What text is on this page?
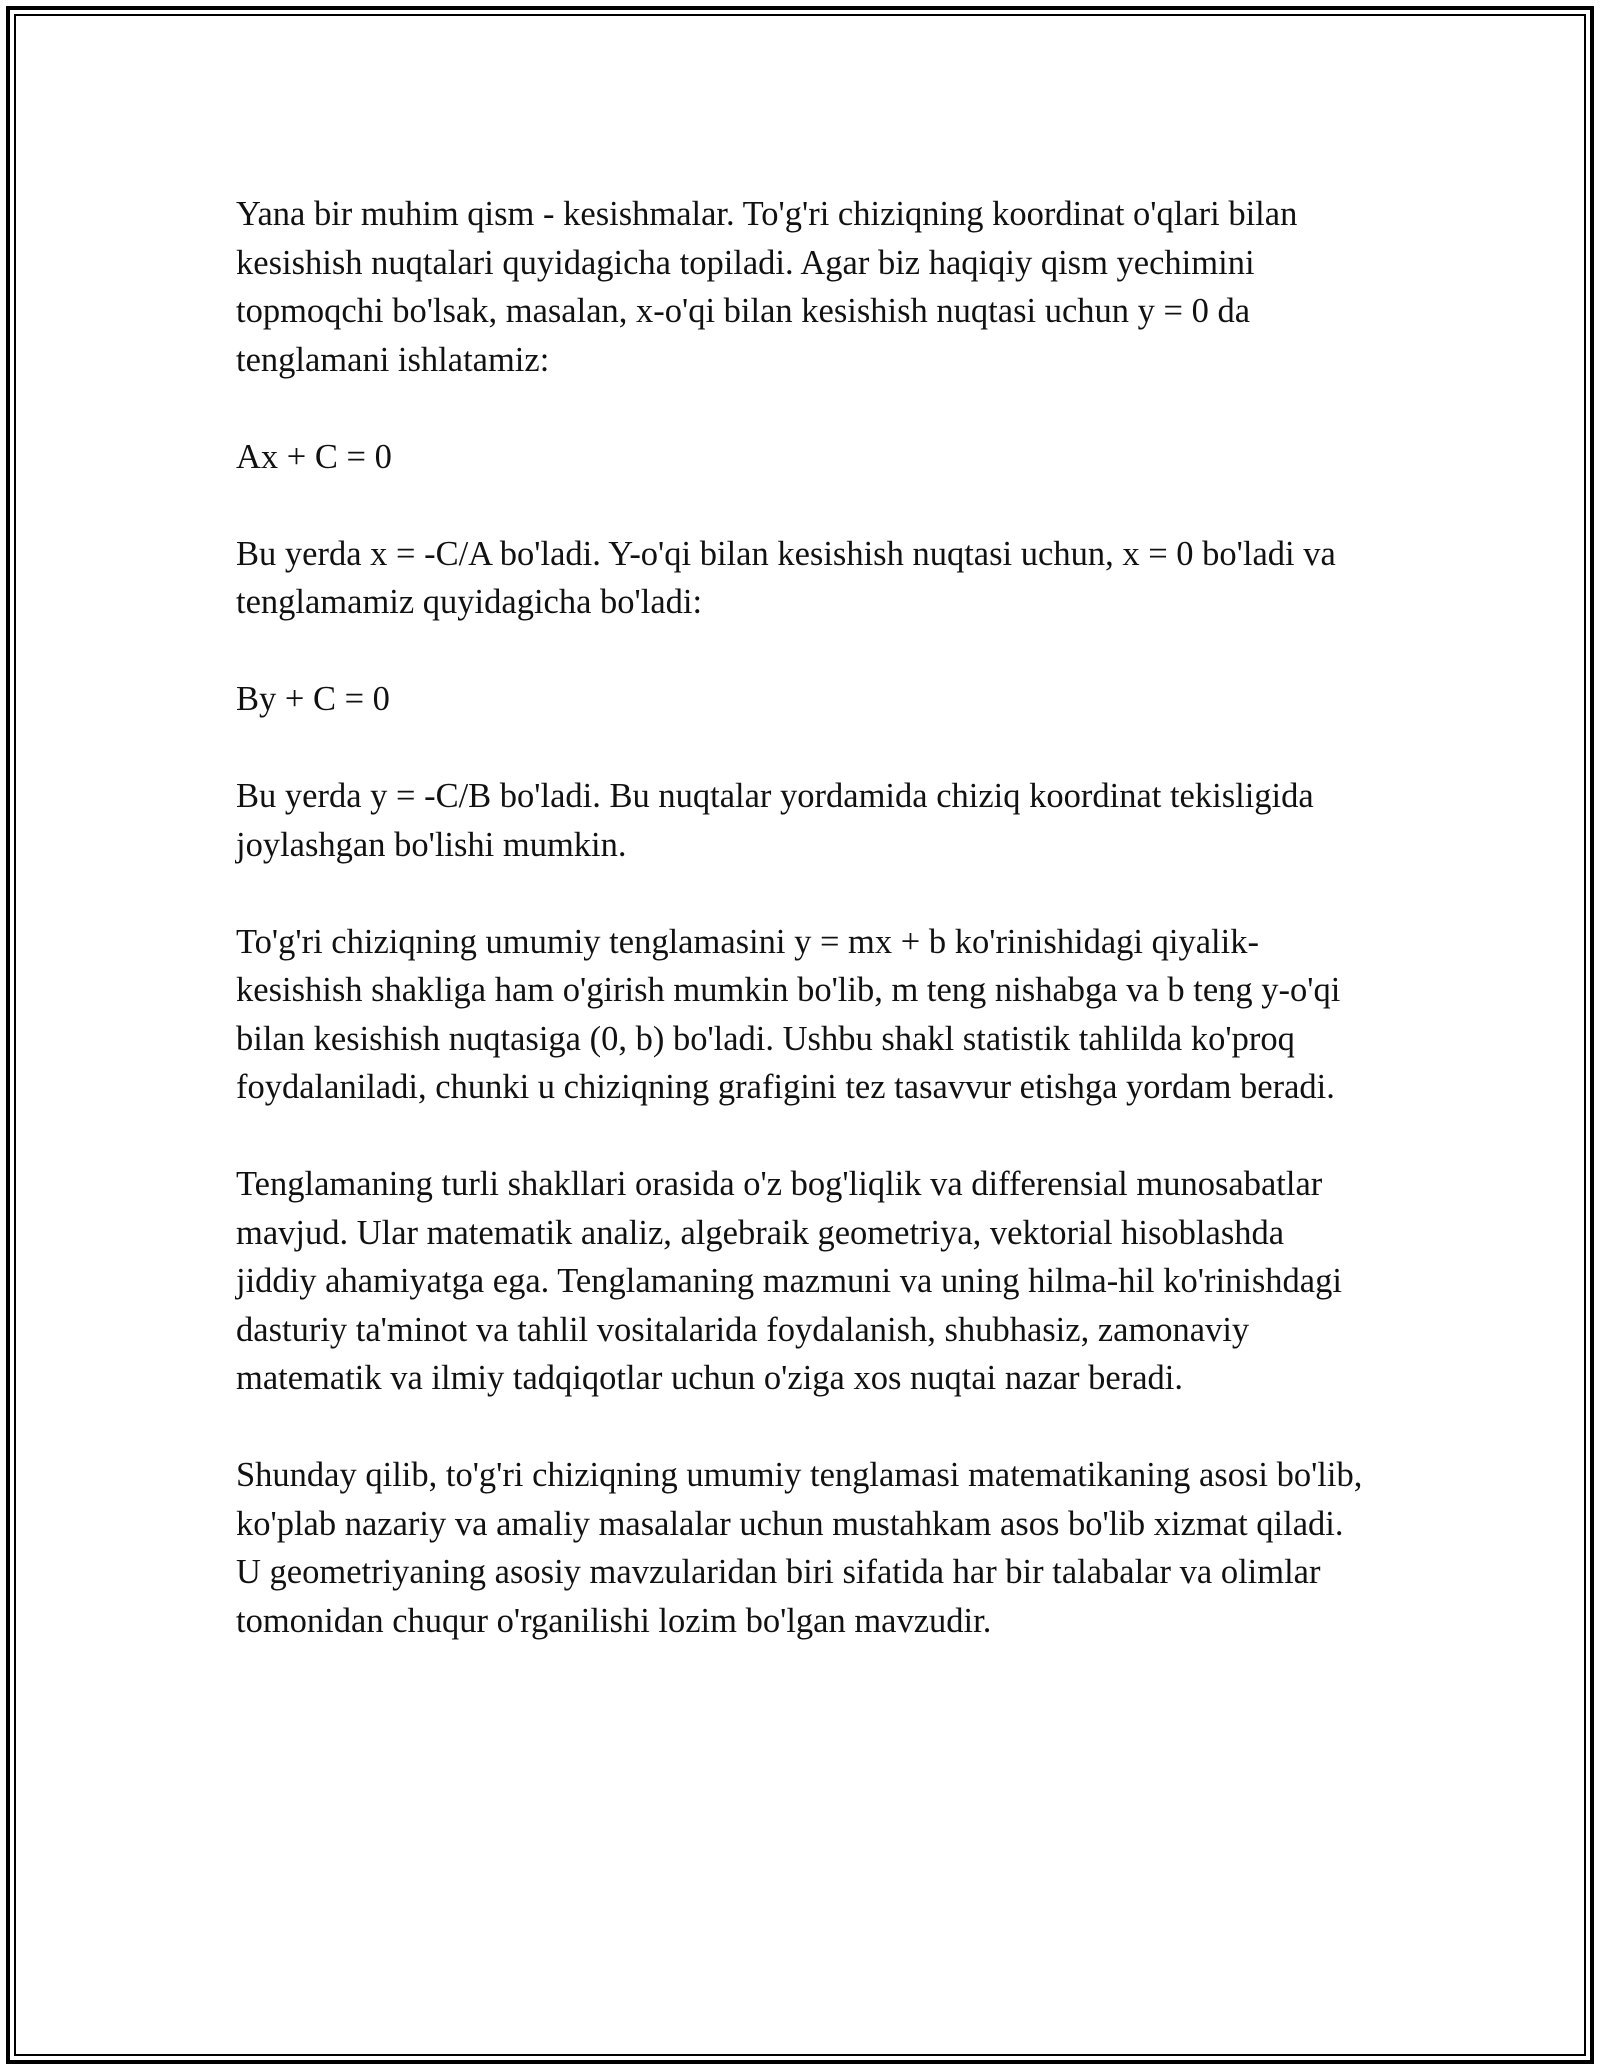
Yana bir muhim qism - kesishmalar. To'g'ri chiziqning koordinat o'qlari bilan kesishish nuqtalari quyidagicha topiladi. Agar biz haqiqiy qism yechimini topmoqchi bo'lsak, masalan, x-o'qi bilan kesishish nuqtasi uchun y = 0 da tenglamani ishlatamiz:

Ax + C = 0

Bu yerda x = -C/A bo'ladi. Y-o'qi bilan kesishish nuqtasi uchun, x = 0 bo'ladi va tenglamamiz quyidagicha bo'ladi:

By + C = 0

Bu yerda y = -C/B bo'ladi. Bu nuqtalar yordamida chiziq koordinat tekisligida joylashgan bo'lishi mumkin.

To'g'ri chiziqning umumiy tenglamasini y = mx + b ko'rinishidagi qiyalik-kesishish shakliga ham o'girish mumkin bo'lib, m teng nishabga va b teng y-o'qi bilan kesishish nuqtasiga (0, b) bo'ladi. Ushbu shakl statistik tahlilda ko'proq foydalaniladi, chunki u chiziqning grafigini tez tasavvur etishga yordam beradi.

Tenglamaning turli shakllari orasida o'z bog'liqlik va differensial munosabatlar mavjud. Ular matematik analiz, algebraik geometriya, vektorial hisoblashda jiddiy ahamiyatga ega. Tenglamaning mazmuni va uning hilma-hil ko'rinishdagi dasturiy ta'minot va tahlil vositalarida foydalanish, shubhasiz, zamonaviy matematik va ilmiy tadqiqotlar uchun o'ziga xos nuqtai nazar beradi.

Shunday qilib, to'g'ri chiziqning umumiy tenglamasi matematikaning asosi bo'lib, ko'plab nazariy va amaliy masalalar uchun mustahkam asos bo'lib xizmat qiladi. U geometriyaning asosiy mavzularidan biri sifatida har bir talabalar va olimlar tomonidan chuqur o'rganilishi lozim bo'lgan mavzudir.
